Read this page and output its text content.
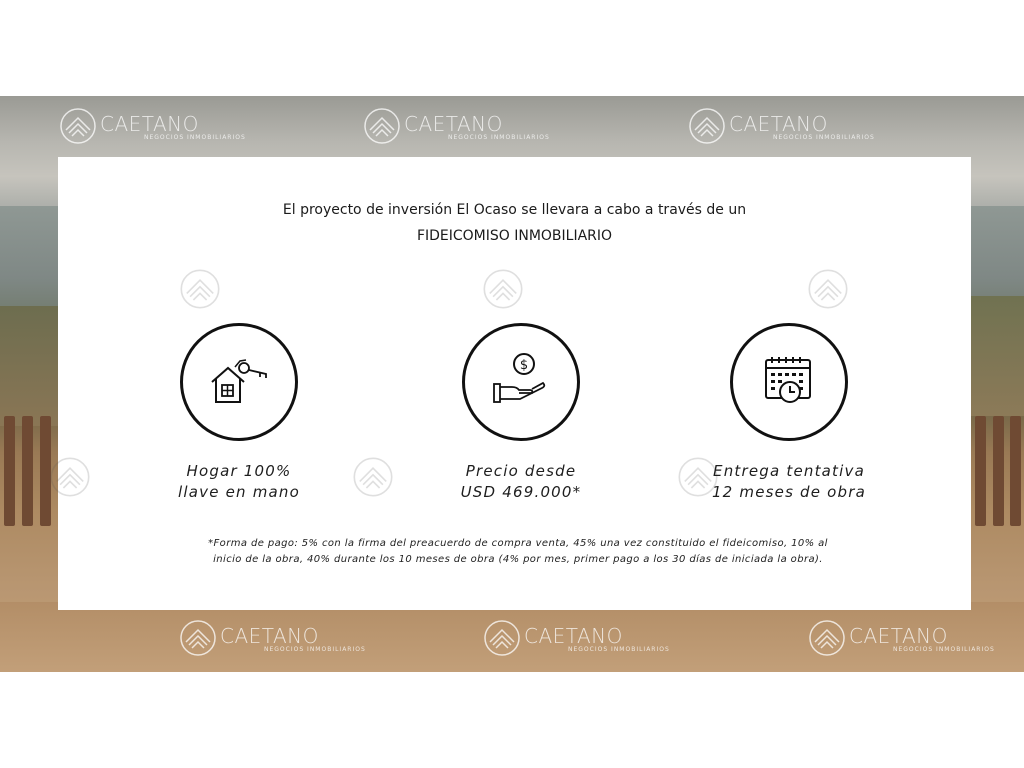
CAETANO
NEGOCIOS INMOBILIARIOS
CAETANO
NEGOCIOS INMOBILIARIOS
CAETANO
NEGOCIOS INMOBILIARIOS
CAETANO
NEGOCIOS INMOBILIARIOS
CAETANO
NEGOCIOS INMOBILIARIOS
CAETANO
NEGOCIOS INMOBILIARIOS
El proyecto de inversión El Ocaso se llevara a cabo a través de un
FIDEICOMISO INMOBILIARIO
Hogar 100%
llave en mano
$
Precio desde
USD 469.000*
Entrega tentativa
12 meses de obra
*Forma de pago: 5% con la firma del preacuerdo de compra venta, 45% una vez constituido el fideicomiso, 10% al
inicio de la obra, 40% durante los 10 meses de obra (4% por mes, primer pago a los 30 días de iniciada la obra).
